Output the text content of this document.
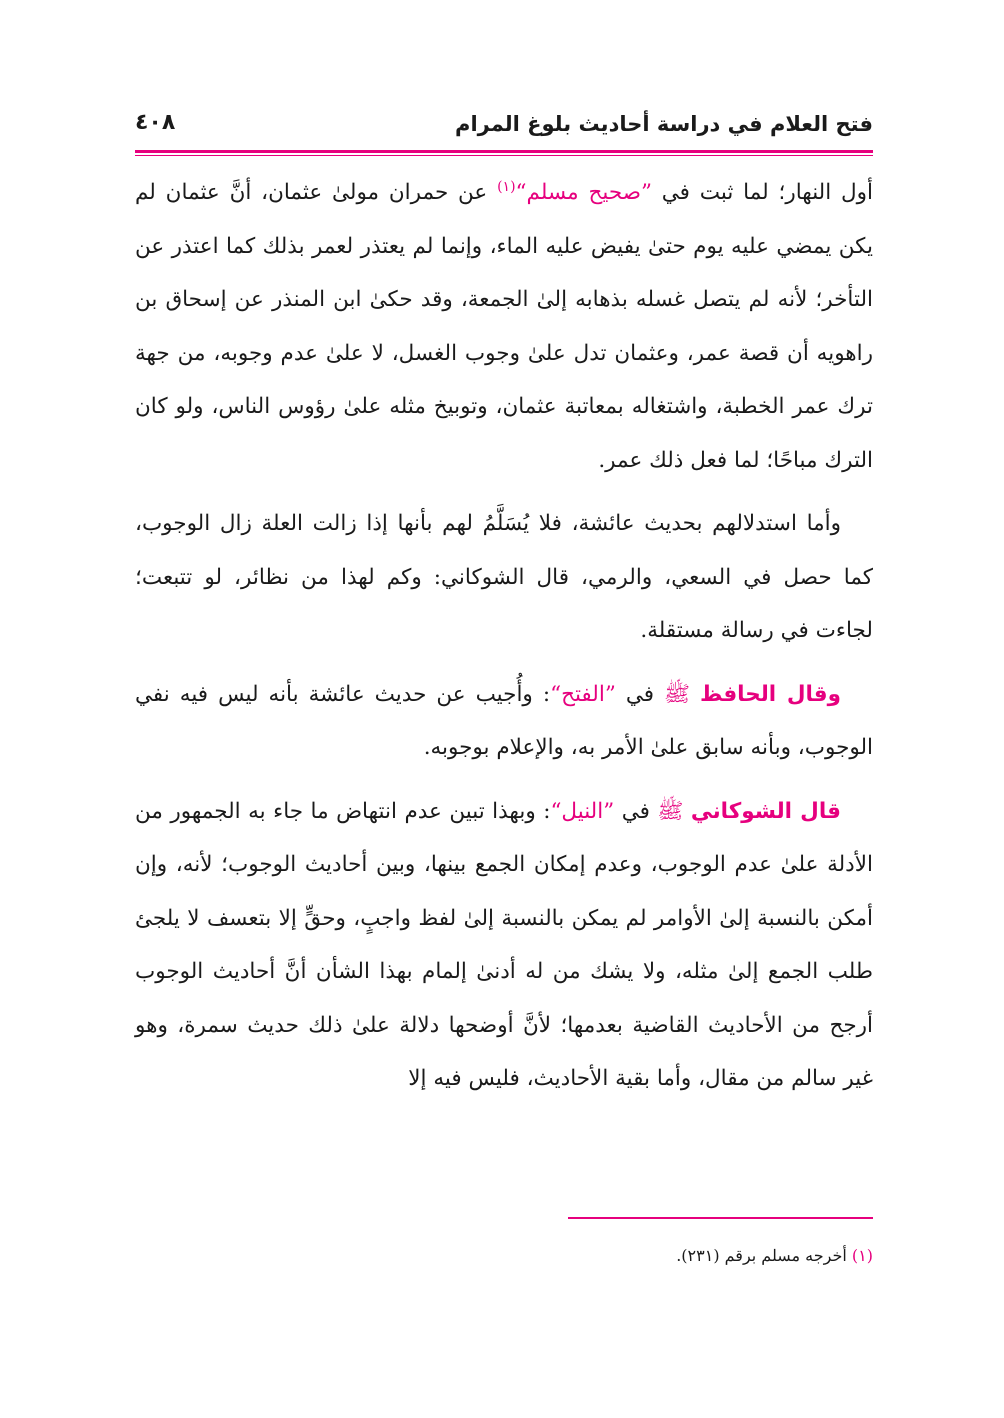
فتح العلام في دراسة أحاديث بلوغ المرام
٤٠٨

أول النهار؛ لما ثبت في ”صحيح مسلم“$^{(١)}$ عن حمران مولىٰ عثمان، أنَّ عثمان لم يكن يمضي عليه يوم حتىٰ يفيض عليه الماء، وإنما لم يعتذر لعمر بذلك كما اعتذر عن التأخر؛ لأنه لم يتصل غسله بذهابه إلىٰ الجمعة، وقد حكىٰ ابن المنذر عن إسحاق بن راهويه أن قصة عمر، وعثمان تدل علىٰ وجوب الغسل، لا علىٰ عدم وجوبه، من جهة ترك عمر الخطبة، واشتغاله بمعاتبة عثمان، وتوبيخ مثله علىٰ رؤوس الناس، ولو كان الترك مباحًا؛ لما فعل ذلك عمر.

وأما استدلالهم بحديث عائشة، فلا يُسَلَّمُ لهم بأنها إذا زالت العلة زال الوجوب، كما حصل في السعي، والرمي، قال الشوكاني: وكم لهذا من نظائر، لو تتبعت؛ لجاءت في رسالة مستقلة.

وقال الحافظ ﷺ في ”الفتح“: وأُجيب عن حديث عائشة بأنه ليس فيه نفي الوجوب، وبأنه سابق علىٰ الأمر به، والإعلام بوجوبه.

قال الشوكاني ﷺ في ”النيل“: وبهذا تبين عدم انتهاض ما جاء به الجمهور من الأدلة علىٰ عدم الوجوب، وعدم إمكان الجمع بينها، وبين أحاديث الوجوب؛ لأنه، وإن أمكن بالنسبة إلىٰ الأوامر لم يمكن بالنسبة إلىٰ لفظ واجبٍ، وحقٍّ إلا بتعسف لا يلجئ طلب الجمع إلىٰ مثله، ولا يشك من له أدنىٰ إلمام بهذا الشأن أنَّ أحاديث الوجوب أرجح من الأحاديث القاضية بعدمها؛ لأنَّ أوضحها دلالة علىٰ ذلك حديث سمرة، وهو غير سالم من مقال، وأما بقية الأحاديث، فليس فيه إلا

(١) أخرجه مسلم برقم (٢٣١).
